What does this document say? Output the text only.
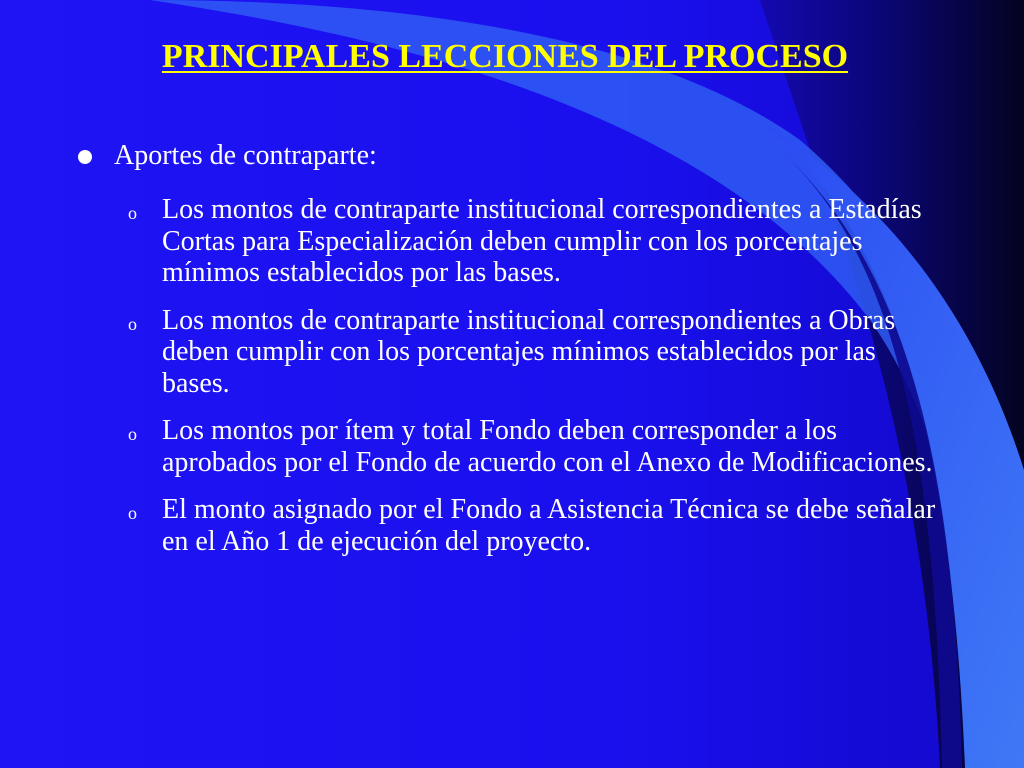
PRINCIPALES LECCIONES DEL PROCESO
Aportes de contraparte:
o Los montos de contraparte institucional correspondientes a Estadías Cortas para Especialización deben cumplir con los porcentajes mínimos establecidos por las bases.
o Los montos de contraparte institucional correspondientes a Obras deben cumplir con los porcentajes mínimos establecidos por las bases.
o Los montos por ítem y total Fondo deben corresponder a los aprobados por el Fondo de acuerdo con el Anexo de Modificaciones.
o El monto asignado por el Fondo a Asistencia Técnica se debe señalar en el Año 1 de ejecución del proyecto.
